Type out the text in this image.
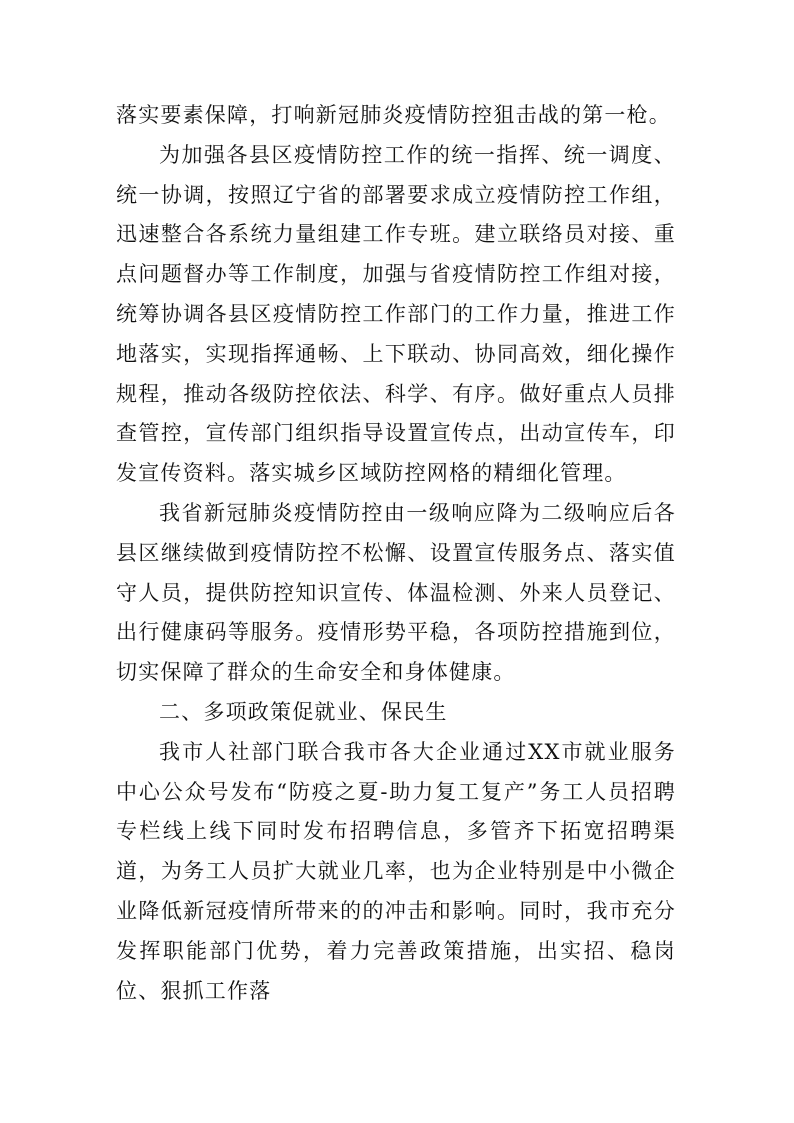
落实要素保障，打响新冠肺炎疫情防控狙击战的第一枪。

为加强各县区疫情防控工作的统一指挥、统一调度、统一协调，按照辽宁省的部署要求成立疫情防控工作组，迅速整合各系统力量组建工作专班。建立联络员对接、重点问题督办等工作制度，加强与省疫情防控工作组对接，统筹协调各县区疫情防控工作部门的工作力量，推进工作地落实，实现指挥通畅、上下联动、协同高效，细化操作规程，推动各级防控依法、科学、有序。做好重点人员排查管控，宣传部门组织指导设置宣传点，出动宣传车，印发宣传资料。落实城乡区域防控网格的精细化管理。

我省新冠肺炎疫情防控由一级响应降为二级响应后各县区继续做到疫情防控不松懈、设置宣传服务点、落实值守人员，提供防控知识宣传、体温检测、外来人员登记、出行健康码等服务。疫情形势平稳，各项防控措施到位，切实保障了群众的生命安全和身体健康。

二、多项政策促就业、保民生

我市人社部门联合我市各大企业通过XX市就业服务中心公众号发布“防疫之夏-助力复工复产”务工人员招聘专栏线上线下同时发布招聘信息，多管齐下拓宽招聘渠道，为务工人员扩大就业几率，也为企业特别是中小微企业降低新冠疫情所带来的的冲击和影响。同时，我市充分发挥职能部门优势，着力完善政策措施，出实招、稳岗位、狠抓工作落
